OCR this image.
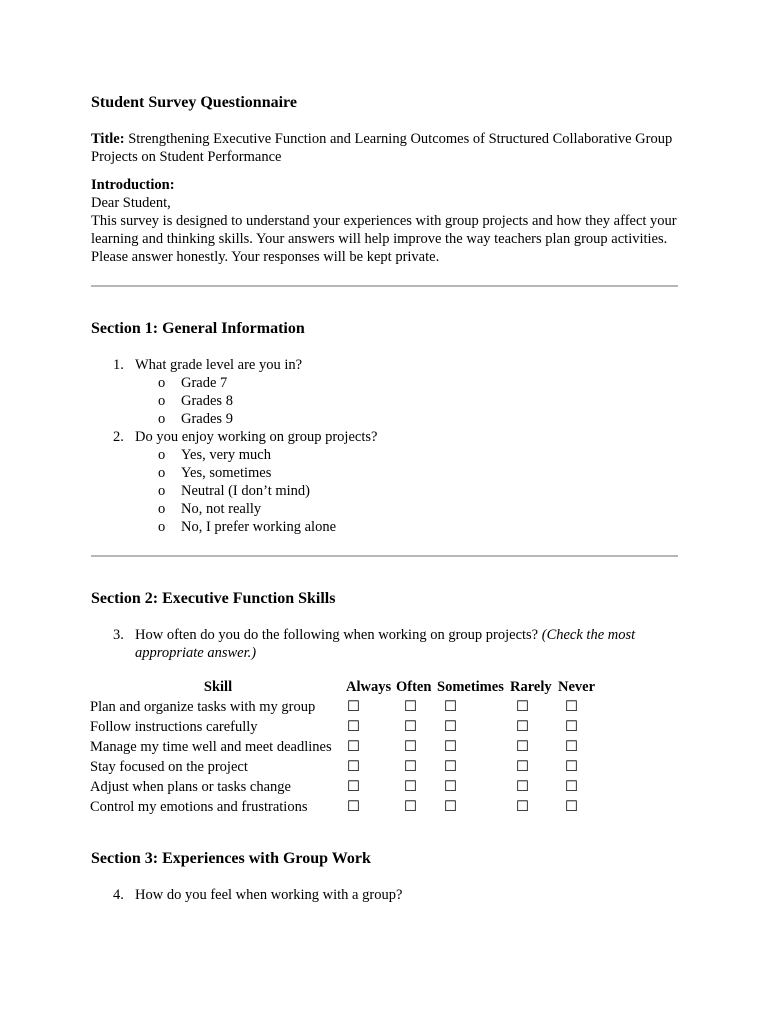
Student Survey Questionnaire

Title: Strengthening Executive Function and Learning Outcomes of Structured Collaborative Group Projects on Student Performance

Introduction:

Dear Student,

This survey is designed to understand your experiences with group projects and how they affect your learning and thinking skills. Your answers will help improve the way teachers plan group activities. Please answer honestly. Your responses will be kept private.

Section 1: General Information
1. What grade level are you in?
o Grade 7
o Grades 8
o Grades 9
2. Do you enjoy working on group projects?
o Yes, very much
o Yes, sometimes
o Neutral (I don’t mind)
o No, not really
o No, I prefer working alone
Section 2: Executive Function Skills
3. How often do you do the following when working on group projects? (Check the most appropriate answer.)
Skill	Always	Often	Sometimes	Rarely	Never
Plan and organize tasks with my group	☐	☐	☐	☐	☐
Follow instructions carefully	☐	☐	☐	☐	☐
Manage my time well and meet deadlines	☐	☐	☐	☐	☐
Stay focused on the project	☐	☐	☐	☐	☐
Adjust when plans or tasks change	☐	☐	☐	☐	☐
Control my emotions and frustrations	☐	☐	☐	☐	☐
Section 3: Experiences with Group Work
4. How do you feel when working with a group?
